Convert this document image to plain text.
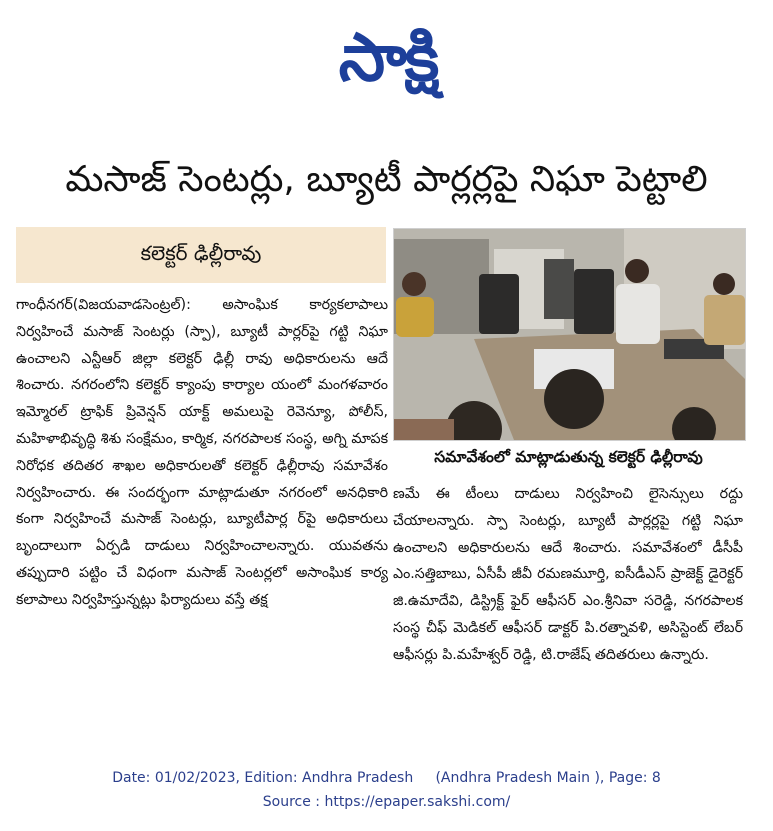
సాక్షి
మసాజ్ సెంటర్లు, బ్యూటీ పార్లర్లపై నిఘా పెట్టాలి
కలెక్టర్ ఢిల్లీరావు
గాంధీనగర్(విజయవాడసెంట్రల్): అసాంఘిక కార్యకలాపాలు నిర్వహించే మసాజ్ సెంటర్లు (స్పా), బ్యూటీ పార్లర్‌పై గట్టి నిఘా ఉంచాలని ఎన్టీఆర్ జిల్లా కలెక్టర్ ఢిల్లీ రావు అధికారులను ఆదే శించారు. నగరంలోని కలెక్టర్ క్యాంపు కార్యాల యంలో మంగళవారం ఇమ్మోరల్ ట్రాఫిక్ ప్రివెన్షన్ యాక్ట్ అమలుపై రెవెన్యూ, పోలీస్, మహిళాభివృద్ధి శిశు సంక్షేమం, కార్మిక, నగరపాలక సంస్థ, అగ్ని మాపక నిరోధక తదితర శాఖల అధికారులతో కలెక్టర్ ఢిల్లీరావు సమావేశం నిర్వహించారు. ఈ సందర్భంగా మాట్లాడుతూ నగరంలో అనధికారి కంగా నిర్వహించే మసాజ్ సెంటర్లు, బ్యూటీపార్ల ర్‌పై అధికారులు బృందాలుగా ఏర్పడి దాడులు నిర్వహించాలన్నారు. యువతను తప్పుదారి పట్టిం చే విధంగా మసాజ్ సెంటర్లలో అసాంఘిక కార్య కలాపాలు నిర్వహిస్తున్నట్లు ఫిర్యాదులు వస్తే తక్ష
సమావేశంలో మాట్లాడుతున్న కలెక్టర్ ఢిల్లీరావు
ణమే ఈ టీంలు దాడులు నిర్వహించి లైసెన్సులు రద్దు చేయాలన్నారు. స్పా సెంటర్లు, బ్యూటీ పార్లర్లపై గట్టి నిఘా ఉంచాలని అధికారులను ఆదే శించారు. సమావేశంలో డీసీపీ ఎం.సత్తిబాబు, ఏసీపీ జీవీ రమణమూర్తి, ఐసీడీఎస్ ప్రాజెక్ట్ డైరెక్టర్ జి.ఉమాదేవి, డిస్ట్రిక్ట్ ఫైర్ ఆఫీసర్ ఎం.శ్రీనివా సరెడ్డి, నగరపాలక సంస్థ చీఫ్ మెడికల్ ఆఫీసర్ డాక్టర్ పి.రత్నావళి, అసిస్టెంట్ లేబర్ ఆఫీసర్లు పి.మహేశ్వర్ రెడ్డి, టి.రాజేష్ తదితరులు ఉన్నారు.
Date: 01/02/2023, Edition: Andhra Pradesh     (Andhra Pradesh Main ), Page: 8
Source : https://epaper.sakshi.com/
